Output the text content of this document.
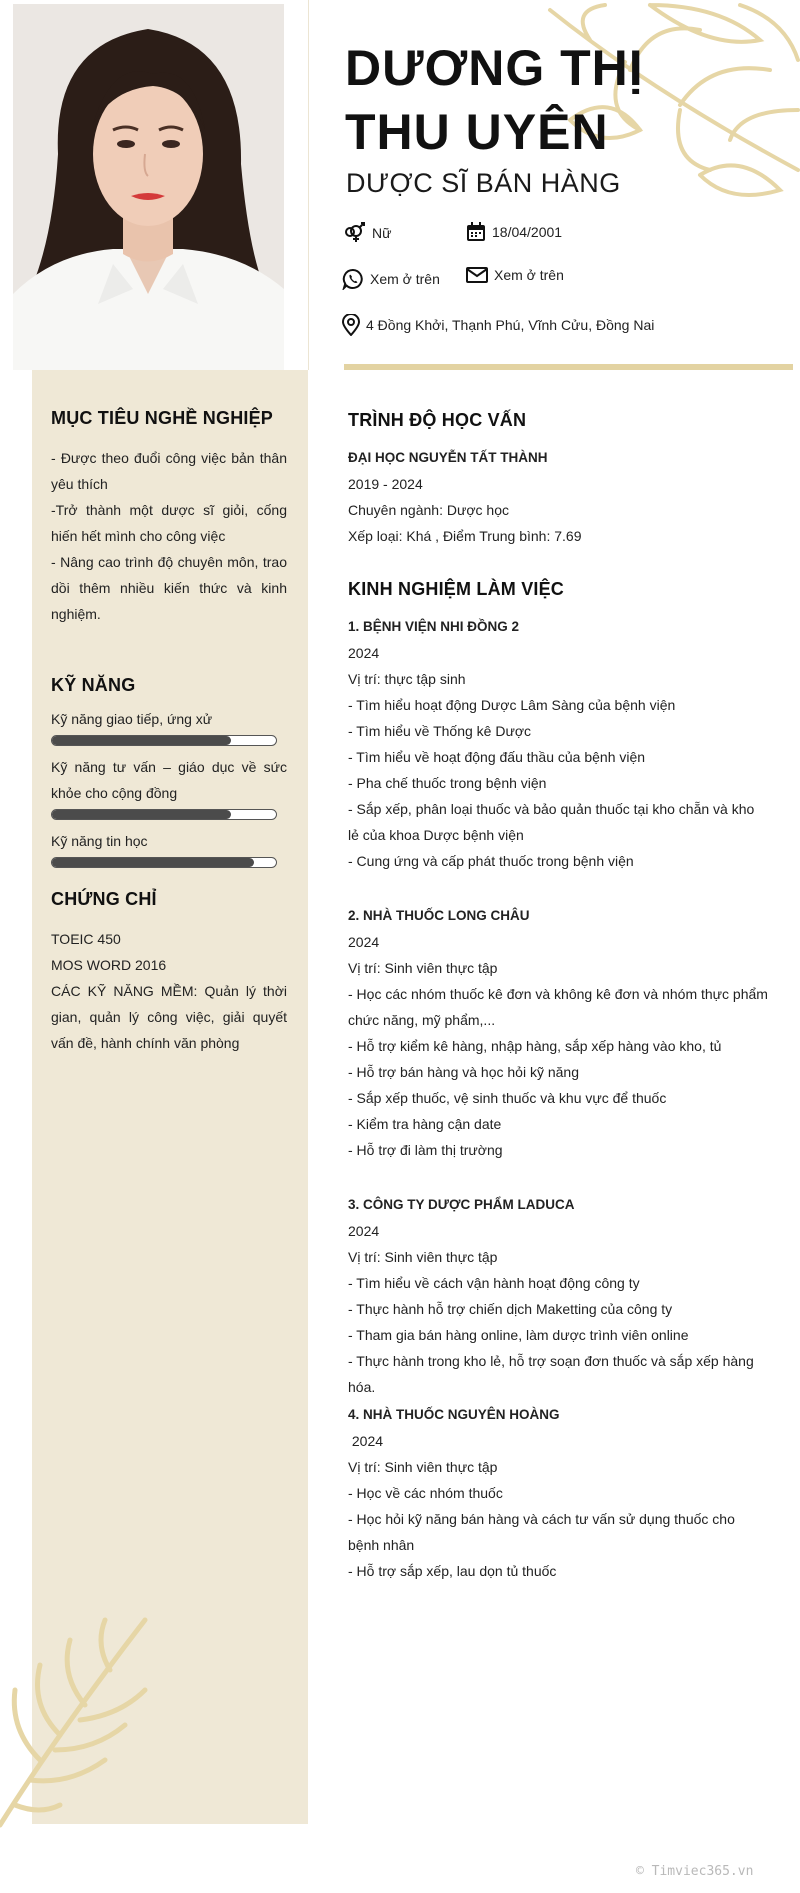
DƯƠNG THỊ
THU UYÊN
DƯỢC SĨ BÁN HÀNG
Nữ	18/04/2001
Xem ở trên	Xem ở trên
4 Đồng Khởi, Thạnh Phú, Vĩnh Cửu, Đồng Nai
MỤC TIÊU NGHỀ NGHIỆP
- Được theo đuổi công việc bản thân yêu thích
-Trở thành một dược sĩ giỏi, cống hiến hết mình cho công việc
- Nâng cao trình độ chuyên môn, trao dồi thêm nhiều kiến thức và kinh nghiệm.
KỸ NĂNG
Kỹ năng giao tiếp, ứng xử
Kỹ năng tư vấn – giáo dục về sức khỏe cho cộng đồng
Kỹ năng tin học
CHỨNG CHỈ
TOEIC 450
MOS WORD 2016
CÁC KỸ NĂNG MỀM: Quản lý thời gian, quản lý công việc, giải quyết vấn đề, hành chính văn phòng
TRÌNH ĐỘ HỌC VẤN
ĐẠI HỌC NGUYỄN TẤT THÀNH
2019 - 2024
Chuyên ngành: Dược học
Xếp loại: Khá , Điểm Trung bình: 7.69
KINH NGHIỆM LÀM VIỆC
1. BỆNH VIỆN NHI ĐỒNG 2
2024
Vị trí: thực tập sinh
- Tìm hiểu hoạt động Dược Lâm Sàng của bệnh viện
- Tìm hiểu về Thống kê Dược
- Tìm hiểu về hoạt động đấu thầu của bệnh viện
- Pha chế thuốc trong bệnh viện
- Sắp xếp, phân loại thuốc và bảo quản thuốc tại kho chẵn và kho lẻ của khoa Dược bệnh viện
- Cung ứng và cấp phát thuốc trong bệnh viện
2. NHÀ THUỐC LONG CHÂU
2024
Vị trí: Sinh viên thực tập
- Học các nhóm thuốc kê đơn và không kê đơn và nhóm thực phẩm chức năng, mỹ phẩm,...
- Hỗ trợ kiểm kê hàng, nhập hàng, sắp xếp hàng vào kho, tủ
- Hỗ trợ bán hàng và học hỏi kỹ năng
- Sắp xếp thuốc, vệ sinh thuốc và khu vực để thuốc
- Kiểm tra hàng cận date
- Hỗ trợ đi làm thị trường
3. CÔNG TY DƯỢC PHẨM LADUCA
2024
Vị trí: Sinh viên thực tập
- Tìm hiểu về cách vận hành hoạt động công ty
- Thực hành hỗ trợ chiến dịch Maketting của công ty
- Tham gia bán hàng online, làm dược trình viên online
- Thực hành trong kho lẻ, hỗ trợ soạn đơn thuốc và sắp xếp hàng hóa.
4. NHÀ THUỐC NGUYÊN HOÀNG
2024
Vị trí: Sinh viên thực tập
- Học về các nhóm thuốc
- Học hỏi kỹ năng bán hàng và cách tư vấn sử dụng thuốc cho bệnh nhân
- Hỗ trợ sắp xếp, lau dọn tủ thuốc
© Timviec365.vn
